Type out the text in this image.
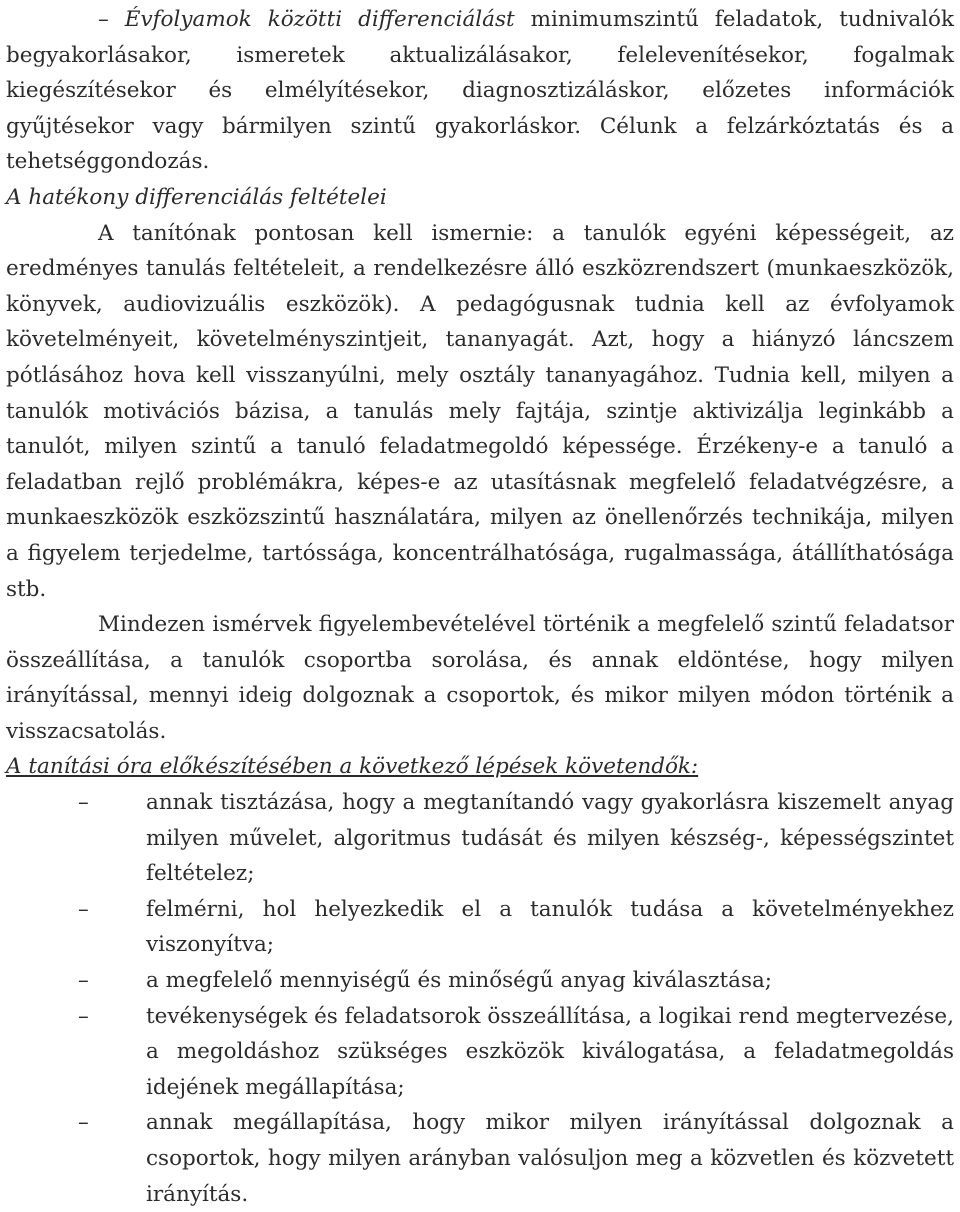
– Évfolyamok közötti differenciálást minimumszintű feladatok, tudnivalók begyakorlásakor, ismeretek aktualizálásakor, felelevenítésekor, fogalmak kiegészítésekor és elmélyítésekor, diagnosztizáláskor, előzetes információk gyűjtésekor vagy bármilyen szintű gyakorláskor. Célunk a felzárkóztatás és a tehetséggondozás.

A hatékony differenciálás feltételei

A tanítónak pontosan kell ismernie: a tanulók egyéni képességeit, az eredményes tanulás feltételeit, a rendelkezésre álló eszközrendszert (munkaeszközök, könyvek, audiovizuális eszközök). A pedagógusnak tudnia kell az évfolyamok követelményeit, követelményszintjeit, tananyagát. Azt, hogy a hiányzó láncszem pótlásához hova kell visszanyúlni, mely osztály tananyagához. Tudnia kell, milyen a tanulók motivációs bázisa, a tanulás mely fajtája, szintje aktivizálja leginkább a tanulót, milyen szintű a tanuló feladatmegoldó képessége. Érzékeny-e a tanuló a feladatban rejlő problémákra, képes-e az utasításnak megfelelő feladatvégzésre, a munkaeszközök eszközszintű használatára, milyen az önellenőrzés technikája, milyen a figyelem terjedelme, tartóssága, koncentrálhatósága, rugalmassága, átállíthatósága stb.

Mindezen ismérvek figyelembevételével történik a megfelelő szintű feladatsor összeállítása, a tanulók csoportba sorolása, és annak eldöntése, hogy milyen irányítással, mennyi ideig dolgoznak a csoportok, és mikor milyen módon történik a visszacsatolás.

A tanítási óra előkészítésében a következő lépések követendők:

–	annak tisztázása, hogy a megtanítandó vagy gyakorlásra kiszemelt anyag milyen művelet, algoritmus tudását és milyen készség-, képességszintet feltételez;
–	felmérni, hol helyezkedik el a tanulók tudása a követelményekhez viszonyítva;
–	a megfelelő mennyiségű és minőségű anyag kiválasztása;
–	tevékenységek és feladatsorok összeállítása, a logikai rend megtervezése, a megoldáshoz szükséges eszközök kiválogatása, a feladatmegoldás idejének megállapítása;
–	annak megállapítása, hogy mikor milyen irányítással dolgoznak a csoportok, hogy milyen arányban valósuljon meg a közvetlen és közvetett irányítás.
